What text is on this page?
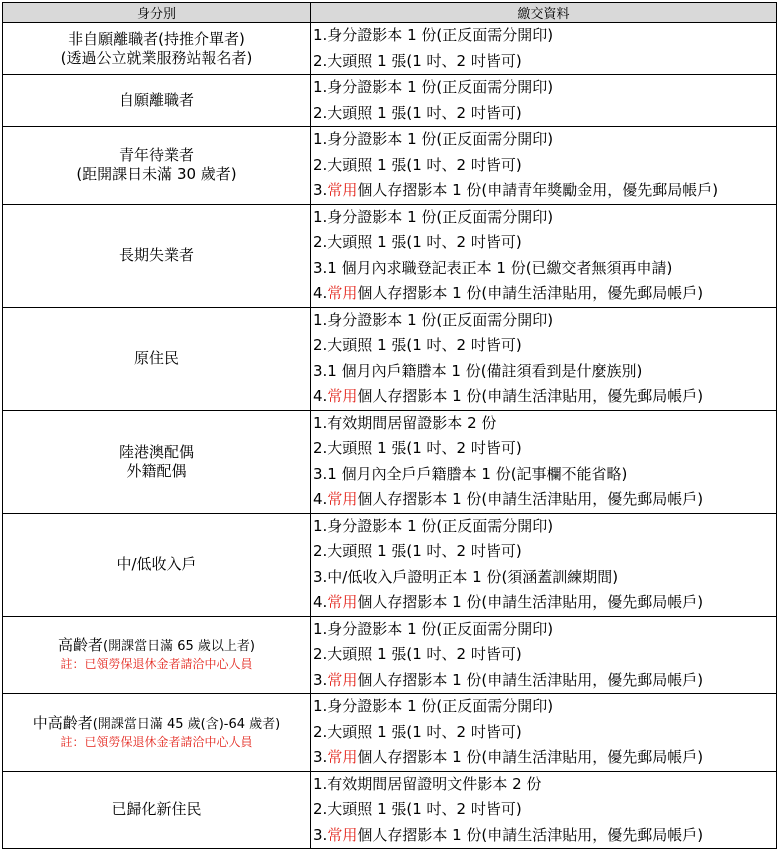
身分別	繳交資料

非自願離職者(持推介單者)
(透過公立就業服務站報名者)	1.身分證影本 1 份(正反面需分開印)
2.大頭照 1 張(1 吋、2 吋皆可)

自願離職者	1.身分證影本 1 份(正反面需分開印)
2.大頭照 1 張(1 吋、2 吋皆可)

青年待業者
(距開課日未滿 30 歲者)	1.身分證影本 1 份(正反面需分開印)
2.大頭照 1 張(1 吋、2 吋皆可)
3.常用個人存摺影本 1 份(申請青年獎勵金用，優先郵局帳戶)

長期失業者	1.身分證影本 1 份(正反面需分開印)
2.大頭照 1 張(1 吋、2 吋皆可)
3.1 個月內求職登記表正本 1 份(已繳交者無須再申請)
4.常用個人存摺影本 1 份(申請生活津貼用，優先郵局帳戶)

原住民	1.身分證影本 1 份(正反面需分開印)
2.大頭照 1 張(1 吋、2 吋皆可)
3.1 個月內戶籍謄本 1 份(備註須看到是什麼族別)
4.常用個人存摺影本 1 份(申請生活津貼用，優先郵局帳戶)

陸港澳配偶
外籍配偶	1.有效期間居留證影本 2 份
2.大頭照 1 張(1 吋、2 吋皆可)
3.1 個月內全戶戶籍謄本 1 份(記事欄不能省略)
4.常用個人存摺影本 1 份(申請生活津貼用，優先郵局帳戶)

中/低收入戶	1.身分證影本 1 份(正反面需分開印)
2.大頭照 1 張(1 吋、2 吋皆可)
3.中/低收入戶證明正本 1 份(須涵蓋訓練期間)
4.常用個人存摺影本 1 份(申請生活津貼用，優先郵局帳戶)

高齡者(開課當日滿 65 歲以上者)
註：已領勞保退休金者請洽中心人員	1.身分證影本 1 份(正反面需分開印)
2.大頭照 1 張(1 吋、2 吋皆可)
3.常用個人存摺影本 1 份(申請生活津貼用，優先郵局帳戶)

中高齡者(開課當日滿 45 歲(含)-64 歲者)
註：已領勞保退休金者請洽中心人員	1.身分證影本 1 份(正反面需分開印)
2.大頭照 1 張(1 吋、2 吋皆可)
3.常用個人存摺影本 1 份(申請生活津貼用，優先郵局帳戶)

已歸化新住民	1.有效期間居留證明文件影本 2 份
2.大頭照 1 張(1 吋、2 吋皆可)
3.常用個人存摺影本 1 份(申請生活津貼用，優先郵局帳戶)
